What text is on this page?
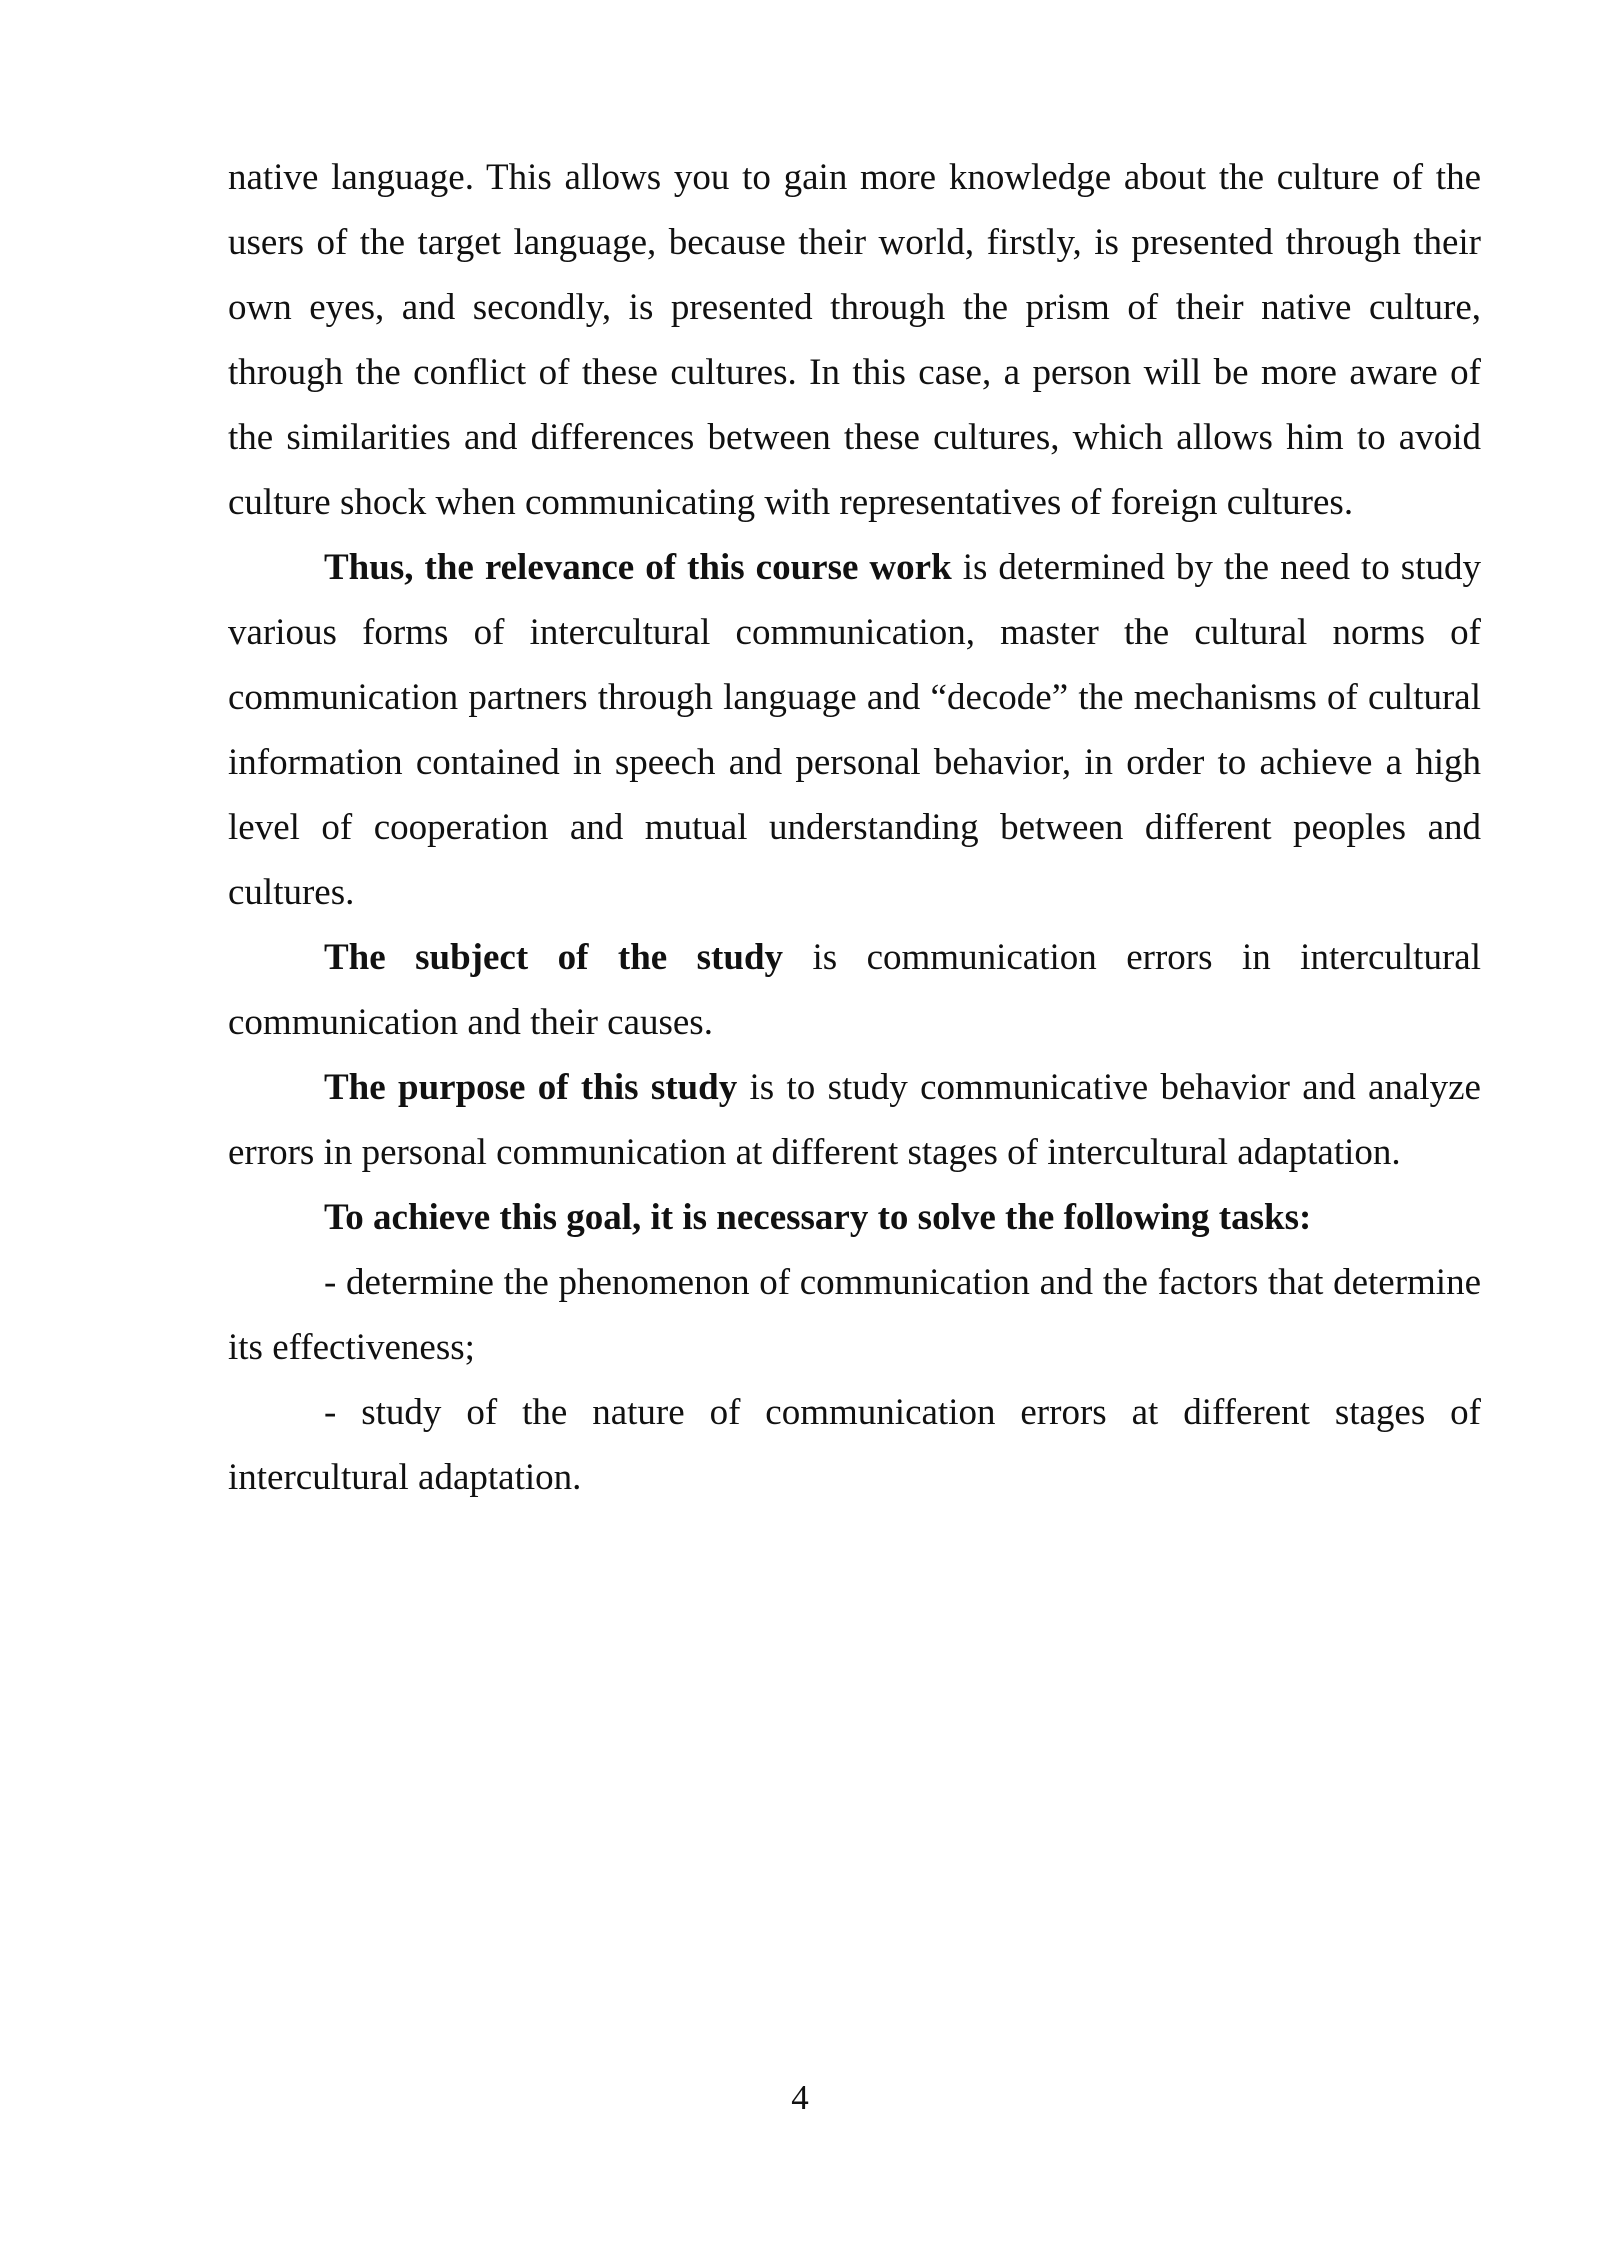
native language. This allows you to gain more knowledge about the culture of the users of the target language, because their world, firstly, is presented through their own eyes, and secondly, is presented through the prism of their native culture, through the conflict of these cultures. In this case, a person will be more aware of the similarities and differences between these cultures, which allows him to avoid culture shock when communicating with representatives of foreign cultures.

Thus, the relevance of this course work is determined by the need to study various forms of intercultural communication, master the cultural norms of communication partners through language and “decode” the mechanisms of cultural information contained in speech and personal behavior, in order to achieve a high level of cooperation and mutual understanding between different peoples and cultures.

The subject of the study is communication errors in intercultural communication and their causes.

The purpose of this study is to study communicative behavior and analyze errors in personal communication at different stages of intercultural adaptation.

To achieve this goal, it is necessary to solve the following tasks:

- determine the phenomenon of communication and the factors that determine its effectiveness;

- study of the nature of communication errors at different stages of intercultural adaptation.

4
